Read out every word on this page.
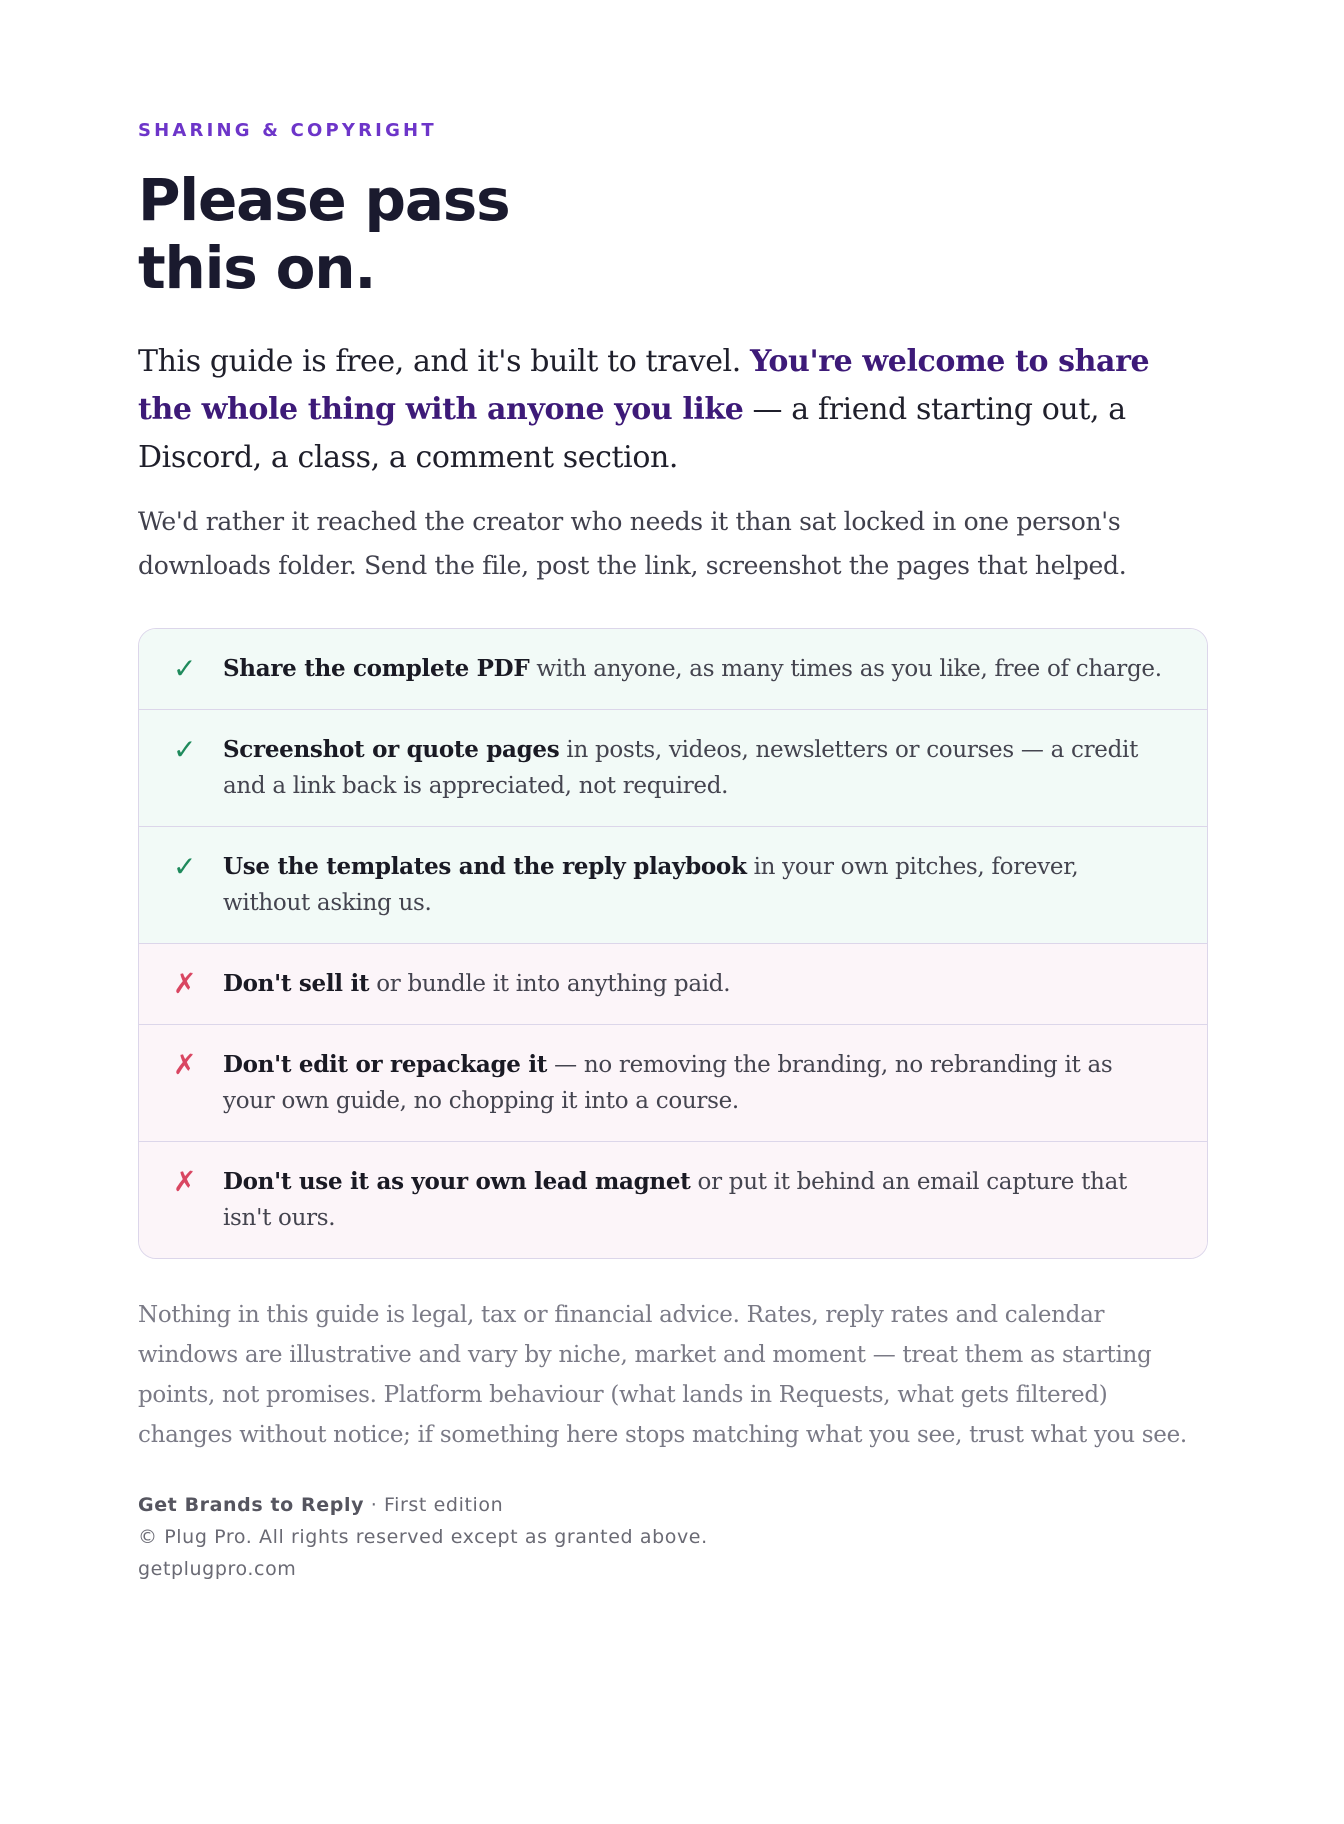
SHARING & COPYRIGHT

Please pass
this on.

This guide is free, and it's built to travel. You're welcome to share the whole thing with anyone you like — a friend starting out, a Discord, a class, a comment section.

We'd rather it reached the creator who needs it than sat locked in one person's downloads folder. Send the file, post the link, screenshot the pages that helped.

✓	Share the complete PDF with anyone, as many times as you like, free of charge.
✓	Screenshot or quote pages in posts, videos, newsletters or courses — a credit and a link back is appreciated, not required.
✓	Use the templates and the reply playbook in your own pitches, forever, without asking us.
✗	Don't sell it or bundle it into anything paid.
✗	Don't edit or repackage it — no removing the branding, no rebranding it as your own guide, no chopping it into a course.
✗	Don't use it as your own lead magnet or put it behind an email capture that isn't ours.

Nothing in this guide is legal, tax or financial advice. Rates, reply rates and calendar windows are illustrative and vary by niche, market and moment — treat them as starting points, not promises. Platform behaviour (what lands in Requests, what gets filtered) changes without notice; if something here stops matching what you see, trust what you see.

Get Brands to Reply · First edition
© Plug Pro. All rights reserved except as granted above.
getplugpro.com
